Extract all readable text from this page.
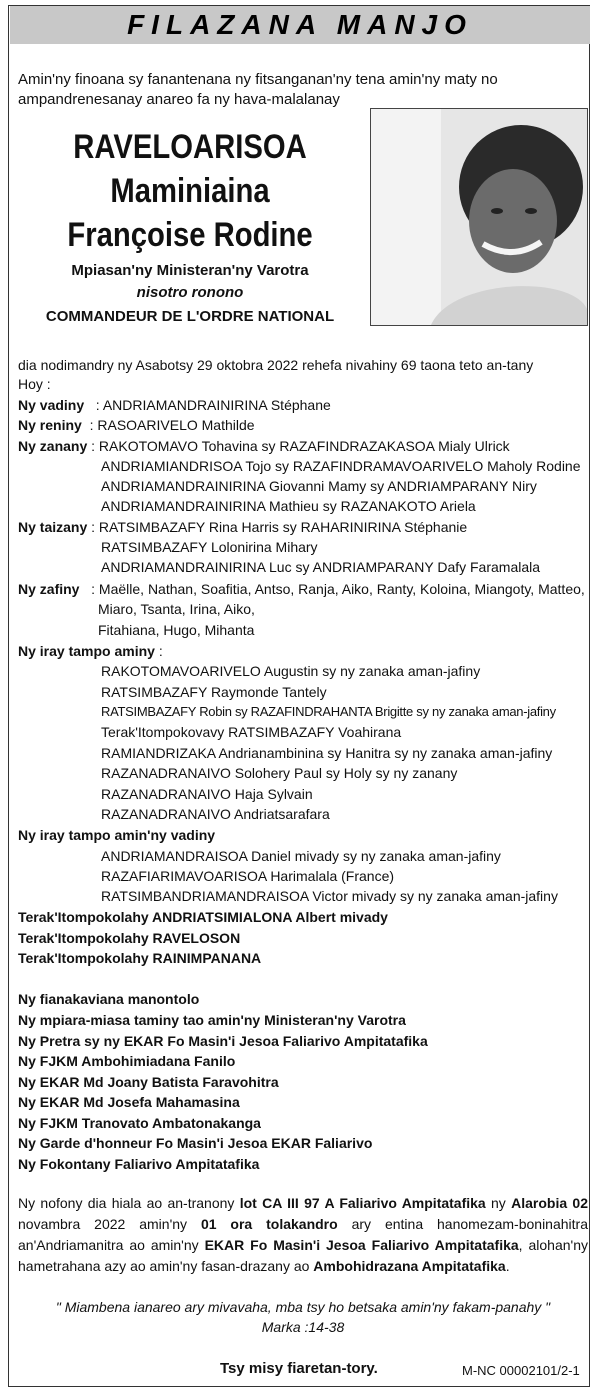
FILAZANA MANJO
Amin'ny finoana sy fanantenana ny fitsanganan'ny tena amin'ny maty no ampandrenesanay anareo fa ny hava-malalanay
RAVELOARISOA
Maminiaina
Françoise Rodine
Mpiasan'ny Ministeran'ny Varotra
nisotro ronono
COMMANDEUR DE L'ORDRE NATIONAL
dia nodimandry ny Asabotsy 29 oktobra 2022 rehefa nivahiny 69 taona teto an-tany
Hoy :
Ny vadiny   : ANDRIAMANDRAINIRINA Stéphane
Ny reniny  : RASOARIVELO Mathilde
Ny zanany : RAKOTOMAVO Tohavina sy RAZAFINDRAZAKASOA Mialy Ulrick
ANDRIAMIANDRISOA Tojo sy RAZAFINDRAMAVOARIVELO Maholy Rodine
ANDRIAMANDRAINIRINA Giovanni Mamy sy ANDRIAMPARANY Niry
ANDRIAMANDRAINIRINA Mathieu sy RAZANAKOTO Ariela
Ny taizany : RATSIMBAZAFY Rina Harris sy RAHARINIRINA Stéphanie
RATSIMBAZAFY Lolonirina Mihary
ANDRIAMANDRAINIRINA Luc sy ANDRIAMPARANY Dafy Faramalala
Ny zafiny   : Maëlle, Nathan, Soafitia, Antso, Ranja, Aiko, Ranty, Koloina, Miangoty, Matteo,
Miaro, Tsanta, Irina, Aiko,
Fitahiana, Hugo, Mihanta
Ny iray tampo aminy :
RAKOTOMAVOARIVELO Augustin sy ny zanaka aman-jafiny
RATSIMBAZAFY Raymonde Tantely
RATSIMBAZAFY Robin sy RAZAFINDRAHANTA Brigitte sy ny zanaka aman-jafiny
Terak'Itompokovavy RATSIMBAZAFY Voahirana
RAMIANDRIZAKA Andrianambinina sy Hanitra sy ny zanaka aman-jafiny
RAZANADRANAIVO Solohery Paul sy Holy sy ny zanany
RAZANADRANAIVO Haja Sylvain
RAZANADRANAIVO Andriatsarafara
Ny iray tampo amin'ny vadiny
ANDRIAMANDRAISOA Daniel mivady sy ny zanaka aman-jafiny
RAZAFIARIMAVOARISOA Harimalala (France)
RATSIMBANDRIAMANDRAISOA Victor mivady sy ny zanaka aman-jafiny
Terak'Itompokolahy ANDRIATSIMIALONA Albert mivady
Terak'Itompokolahy RAVELOSON
Terak'Itompokolahy RAINIMPANANA
Ny fianakaviana manontolo
Ny mpiara-miasa taminy tao amin'ny Ministeran'ny Varotra
Ny Pretra sy ny EKAR Fo Masin'i Jesoa Faliarivo Ampitatafika
Ny FJKM Ambohimiadana Fanilo
Ny EKAR Md Joany Batista Faravohitra
Ny EKAR Md Josefa Mahamasina
Ny FJKM Tranovato Ambatonakanga
Ny Garde d'honneur Fo Masin'i Jesoa EKAR Faliarivo
Ny Fokontany Faliarivo Ampitatafika
Ny nofony dia hiala ao an-tranony lot CA III 97 A Faliarivo Ampitatafika ny Alarobia 02 novambra 2022 amin'ny 01 ora tolakandro ary entina hanomezam-boninahitra an'Andriamanitra ao amin'ny EKAR Fo Masin'i Jesoa Faliarivo Ampitatafika, alohan'ny hametrahana azy ao amin'ny fasan-drazany ao Ambohidrazana Ampitatafika.
" Miambena ianareo ary mivavaha, mba tsy ho betsaka amin'ny fakam-panahy "
Marka :14-38
Tsy misy fiaretan-tory.	M-NC 00002101/2-1
